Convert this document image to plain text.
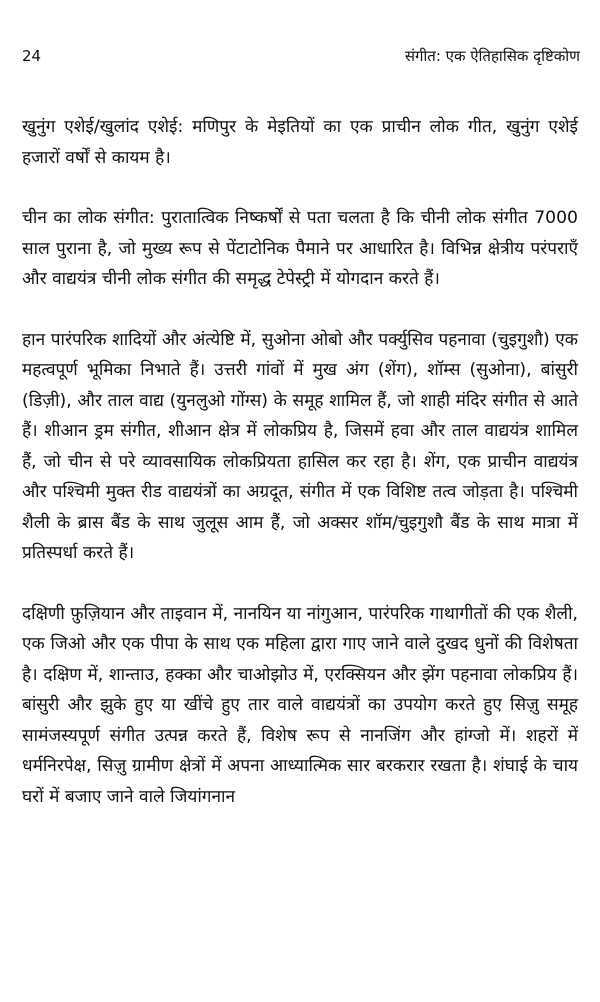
24	संगीत: एक ऐतिहासिक दृष्टिकोण

खुनुंग एशेई/खुलांद एशेई: मणिपुर के मेइतियों का एक प्राचीन लोक गीत, खुनुंग एशेई हजारों वर्षों से कायम है।

चीन का लोक संगीत: पुरातात्विक निष्कर्षों से पता चलता है कि चीनी लोक संगीत 7000 साल पुराना है, जो मुख्य रूप से पेंटाटोनिक पैमाने पर आधारित है। विभिन्न क्षेत्रीय परंपराएँ और वाद्ययंत्र चीनी लोक संगीत की समृद्ध टेपेस्ट्री में योगदान करते हैं।

हान पारंपरिक शादियों और अंत्येष्टि में, सुओना ओबो और पर्क्युसिव पहनावा (चुइगुशौ) एक महत्वपूर्ण भूमिका निभाते हैं। उत्तरी गांवों में मुख अंग (शेंग), शॉम्स (सुओना), बांसुरी (डिज़ी), और ताल वाद्य (युनलुओ गोंग्स) के समूह शामिल हैं, जो शाही मंदिर संगीत से आते हैं। शीआन ड्रम संगीत, शीआन क्षेत्र में लोकप्रिय है, जिसमें हवा और ताल वाद्ययंत्र शामिल हैं, जो चीन से परे व्यावसायिक लोकप्रियता हासिल कर रहा है। शेंग, एक प्राचीन वाद्ययंत्र और पश्चिमी मुक्त रीड वाद्ययंत्रों का अग्रदूत, संगीत में एक विशिष्ट तत्व जोड़ता है। पश्चिमी शैली के ब्रास बैंड के साथ जुलूस आम हैं, जो अक्सर शॉम/चुइगुशौ बैंड के साथ मात्रा में प्रतिस्पर्धा करते हैं।

दक्षिणी फ़ुज़ियान और ताइवान में, नानयिन या नांगुआन, पारंपरिक गाथागीतों की एक शैली, एक जिओ और एक पीपा के साथ एक महिला द्वारा गाए जाने वाले दुखद धुनों की विशेषता है। दक्षिण में, शान्ताउ, हक्का और चाओझोउ में, एरक्सियन और झेंग पहनावा लोकप्रिय हैं। बांसुरी और झुके हुए या खींचे हुए तार वाले वाद्ययंत्रों का उपयोग करते हुए सिज़ु समूह सामंजस्यपूर्ण संगीत उत्पन्न करते हैं, विशेष रूप से नानजिंग और हांग्जो में। शहरों में धर्मनिरपेक्ष, सिज़ु ग्रामीण क्षेत्रों में अपना आध्यात्मिक सार बरकरार रखता है। शंघाई के चाय घरों में बजाए जाने वाले जियांगनान
